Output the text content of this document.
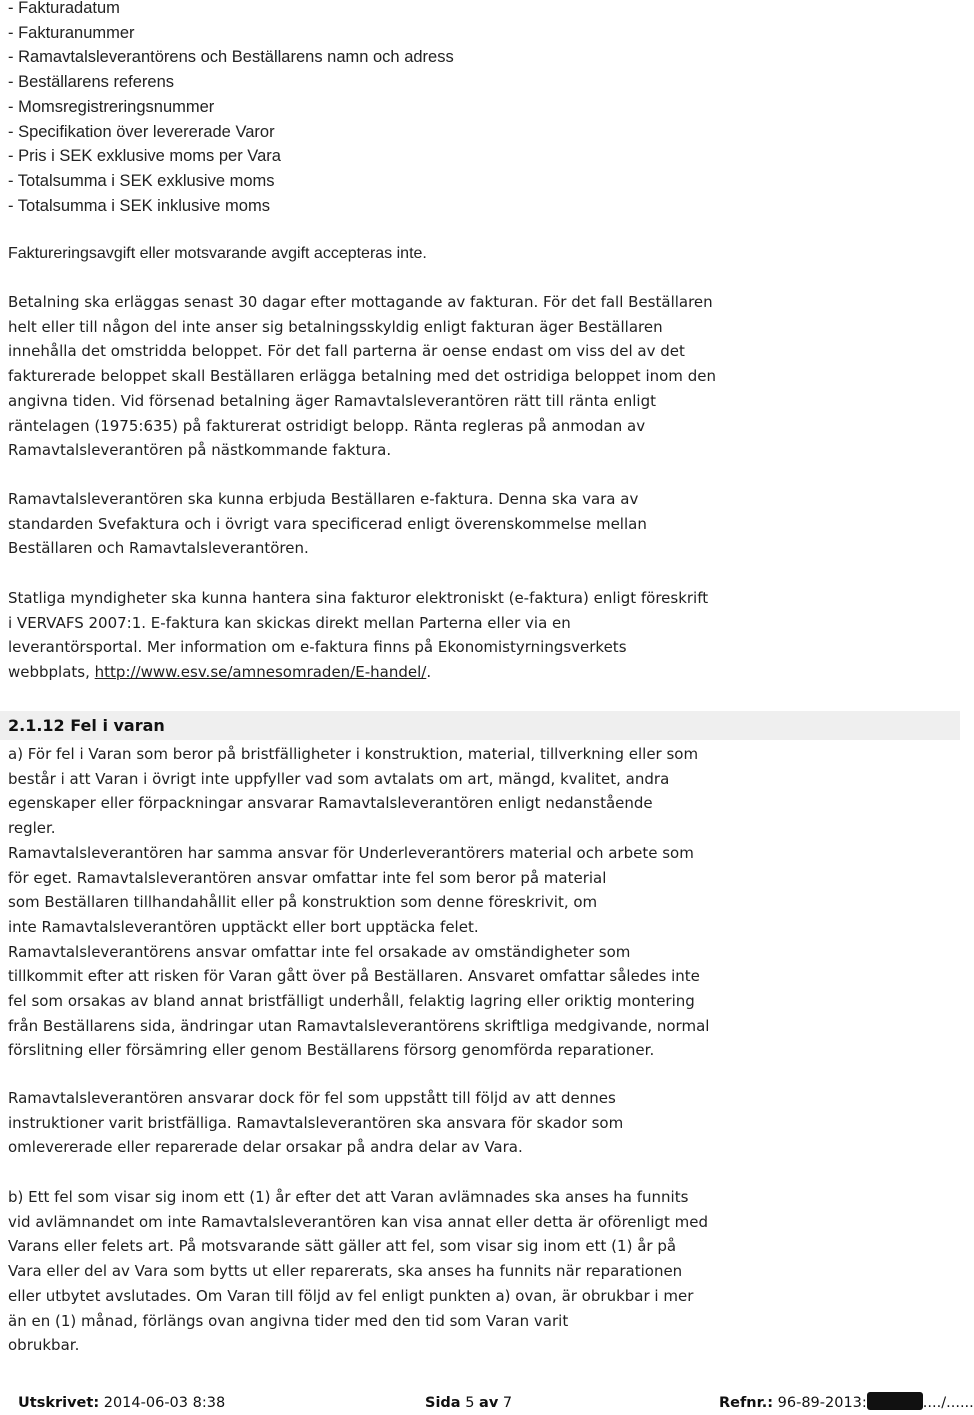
- Fakturadatum
- Fakturanummer
- Ramavtalsleverantörens och Beställarens namn och adress
- Beställarens referens
- Momsregistreringsnummer
- Specifikation över levererade Varor
- Pris i SEK exklusive moms per Vara
- Totalsumma i SEK exklusive moms
- Totalsumma i SEK inklusive moms

Faktureringsavgift eller motsvarande avgift accepteras inte.

Betalning ska erläggas senast 30 dagar efter mottagande av fakturan. För det fall Beställaren
helt eller till någon del inte anser sig betalningsskyldig enligt fakturan äger Beställaren
innehålla det omstridda beloppet. För det fall parterna är oense endast om viss del av det
fakturerade beloppet skall Beställaren erlägga betalning med det ostridiga beloppet inom den
angivna tiden. Vid försenad betalning äger Ramavtalsleverantören rätt till ränta enligt
räntelagen (1975:635) på fakturerat ostridigt belopp. Ränta regleras på anmodan av
Ramavtalsleverantören på nästkommande faktura.

Ramavtalsleverantören ska kunna erbjuda Beställaren e-faktura. Denna ska vara av
standarden Svefaktura och i övrigt vara specificerad enligt överenskommelse mellan
Beställaren och Ramavtalsleverantören.

Statliga myndigheter ska kunna hantera sina fakturor elektroniskt (e-faktura) enligt föreskrift
i VERVAFS 2007:1. E-faktura kan skickas direkt mellan Parterna eller via en
leverantörsportal. Mer information om e-faktura finns på Ekonomistyrningsverkets
webbplats, http://www.esv.se/amnesomraden/E-handel/.

2.1.12 Fel i varan

a) För fel i Varan som beror på bristfälligheter i konstruktion, material, tillverkning eller som
består i att Varan i övrigt inte uppfyller vad som avtalats om art, mängd, kvalitet, andra
egenskaper eller förpackningar ansvarar Ramavtalsleverantören enligt nedanstående
regler.
Ramavtalsleverantören har samma ansvar för Underleverantörers material och arbete som
för eget. Ramavtalsleverantören ansvar omfattar inte fel som beror på material
som Beställaren tillhandahållit eller på konstruktion som denne föreskrivit, om
inte Ramavtalsleverantören upptäckt eller bort upptäcka felet.
Ramavtalsleverantörens ansvar omfattar inte fel orsakade av omständigheter som
tillkommit efter att risken för Varan gått över på Beställaren. Ansvaret omfattar således inte
fel som orsakas av bland annat bristfälligt underhåll, felaktig lagring eller oriktig montering
från Beställarens sida, ändringar utan Ramavtalsleverantörens skriftliga medgivande, normal
förslitning eller försämring eller genom Beställarens försorg genomförda reparationer.

Ramavtalsleverantören ansvarar dock för fel som uppstått till följd av att dennes
instruktioner varit bristfälliga. Ramavtalsleverantören ska ansvara för skador som
omlevererade eller reparerade delar orsakar på andra delar av Vara.

b) Ett fel som visar sig inom ett (1) år efter det att Varan avlämnades ska anses ha funnits
vid avlämnandet om inte Ramavtalsleverantören kan visa annat eller detta är oförenligt med
Varans eller felets art. På motsvarande sätt gäller att fel, som visar sig inom ett (1) år på
Vara eller del av Vara som bytts ut eller reparerats, ska anses ha funnits när reparationen
eller utbytet avslutades. Om Varan till följd av fel enligt punkten a) ovan, är obrukbar i mer
än en (1) månad, förlängs ovan angivna tider med den tid som Varan varit
obrukbar.

Utskrivet: 2014-06-03 8:38	Sida 5 av 7	Refnr.: 96-89-2013:	..../......
